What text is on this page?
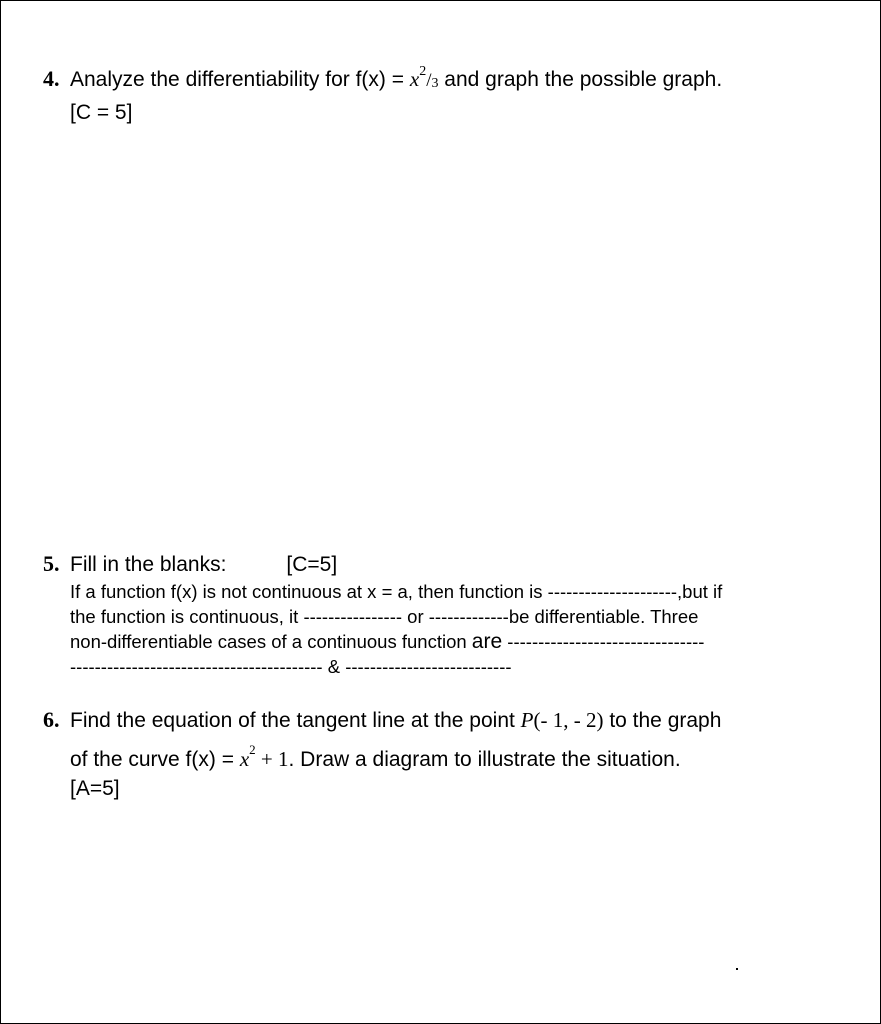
4. Analyze the differentiability for $f(x) = x^2/3$ and graph the possible graph.
[C = 5]
5. Fill in the blanks:	[C=5]
If a function f(x) is not continuous at x = a, then function is ---------------------,but if
the function is continuous, it ---------------- or -------------be differentiable. Three
non-differentiable cases of a continuous function are --------------------------------
----------------------------------------- & ---------------------------
6. Find the equation of the tangent line at the point P(- 1, - 2) to the graph
of the curve $f(x) = x^2 + 1$. Draw a diagram to illustrate the situation.
[A=5]
